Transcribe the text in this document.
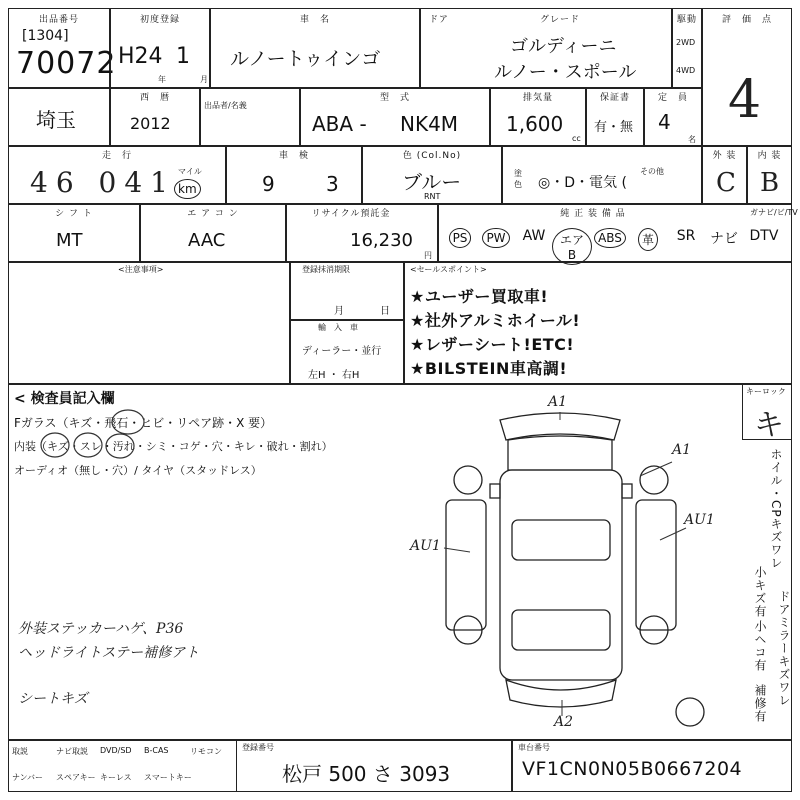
出品番号
[1304]
70072
初度登録
H24 1
年	月
車　名
ルノートゥインゴ
ドア	グレード
ゴルディーニ
ルノー・スポール
駆動
2WD
4WD
評　価　点
4
埼玉
西　暦
2012
出品者/名義
型　式
ABA - NK4M
排気量
1,600
cc
保証書
有・無
定　員
4
名
走　行
46 041 マイル
km
車　検
9	3
色 (Col.No)
ブルー
RNT
塗色 ◎・D・電気 (
その他
外 装
C
内 装
B
シ フ ト
MT
エ ア コ ン
AAC
リサイクル預託金
16,230
円
純 正 装 備 品	ガナビ/ビ/TV
PS	PW	AW	エアB
ABS	革	SR	ナビ DTV
<注意事項>	登録抹消期限
月	日
輸　入　車
ディーラー・並行
左H ・ 右H
<セールスポイント>
★ユーザー買取車!
★社外アルミホイール!
★レザーシート!ETC!
★BILSTEIN車高調!
< 検査員記入欄
Fガラス（キズ・飛石・ヒビ・リペア跡・X 要）
内装（キズ・スレ・汚れ・シミ・コゲ・穴・キレ・破れ・割れ）
オーディオ（無し・穴）/ タイヤ（スタッドレス）
外装ステッカーハゲ、P36
ヘッドライトステー補修アト
シートキズ
キーロック
キ
ホイル・CPキズワレ
ドアミラーキズワレ
小キズ有
小ヘコ有
補修有
A1
A1
AU1
AU1
A2
取説	ナビ取説 DVD/SD B-CAS	リモコン
ナンバー スペアキー キーレス スマートキー
登録番号
松戸 500 さ 3093
車台番号
VF1CN0N05B0667204
